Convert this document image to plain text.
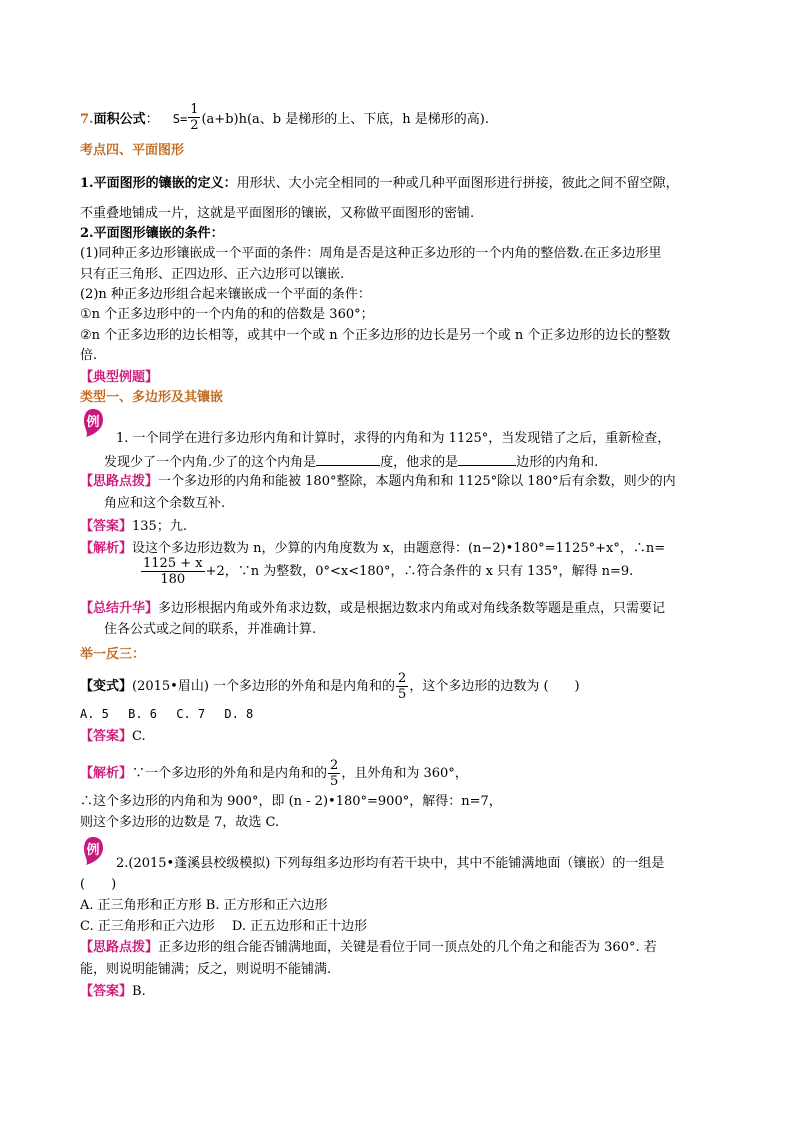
7.面积公式： $S= \frac{1}{2} (a+b)h(a$、b 是梯形的上、下底，h 是梯形的高).
考点四、平面图形
1.平面图形的镶嵌的定义：用形状、大小完全相同的一种或几种平面图形进行拼接，彼此之间不留空隙，
不重叠地铺成一片，这就是平面图形的镶嵌，又称做平面图形的密铺.
2.平面图形镶嵌的条件：
(1)同种正多边形镶嵌成一个平面的条件：周角是否是这种正多边形的一个内角的整倍数.在正多边形里
只有正三角形、正四边形、正六边形可以镶嵌.
(2)n 种正多边形组合起来镶嵌成一个平面的条件：
①n 个正多边形中的一个内角的和的倍数是 360°；
②n 个正多边形的边长相等，或其中一个或 n 个正多边形的边长是另一个或 n 个正多边形的边长的整数
倍.
【典型例题】
类型一、多边形及其镶嵌
例
1. 一个同学在进行多边形内角和计算时，求得的内角和为 1125°，当发现错了之后，重新检查，
发现少了一个内角.少了的这个内角是	度，他求的是	边形的内角和.
【思路点拨】一个多边形的内角和能被 180°整除，本题内角和和 1125°除以 180°后有余数，则少的内
角应和这个余数互补.
【答案】135；九.
【解析】设这个多边形边数为 n，少算的内角度数为 x，由题意得：(n−2)•180°=1125°+x°，∴n=
$\frac{1125 + x}{180} +2$，∵n 为整数，0°<x<180°，∴符合条件的 x 只有 135°，解得 n=9.
【总结升华】多边形根据内角或外角求边数，或是根据边数求内角或对角线条数等题是重点，只需要记
住各公式或之间的联系，并准确计算.
举一反三：
【变式】(2015•眉山) 一个多边形的外角和是内角和的 $\frac{2}{5}$ ，这个多边形的边数为 (　　)
A. 5　 B. 6　 C. 7　 D. 8
【答案】C.
【解析】∵一个多边形的外角和是内角和的 $\frac{2}{5}$ ，且外角和为 360°，
∴这个多边形的内角和为 900°，即 (n - 2)•180°=900°，解得：n=7，
则这个多边形的边数是 7，故选 C.
例
2.(2015•蓬溪县校级模拟) 下列每组多边形均有若干块中，其中不能铺满地面（镶嵌）的一组是
(　　)
A. 正三角形和正方形 B. 正方形和正六边形
C. 正三角形和正六边形　 D. 正五边形和正十边形
【思路点拨】正多边形的组合能否铺满地面，关键是看位于同一顶点处的几个角之和能否为 360°. 若
能，则说明能铺满；反之，则说明不能铺满.
【答案】B.
